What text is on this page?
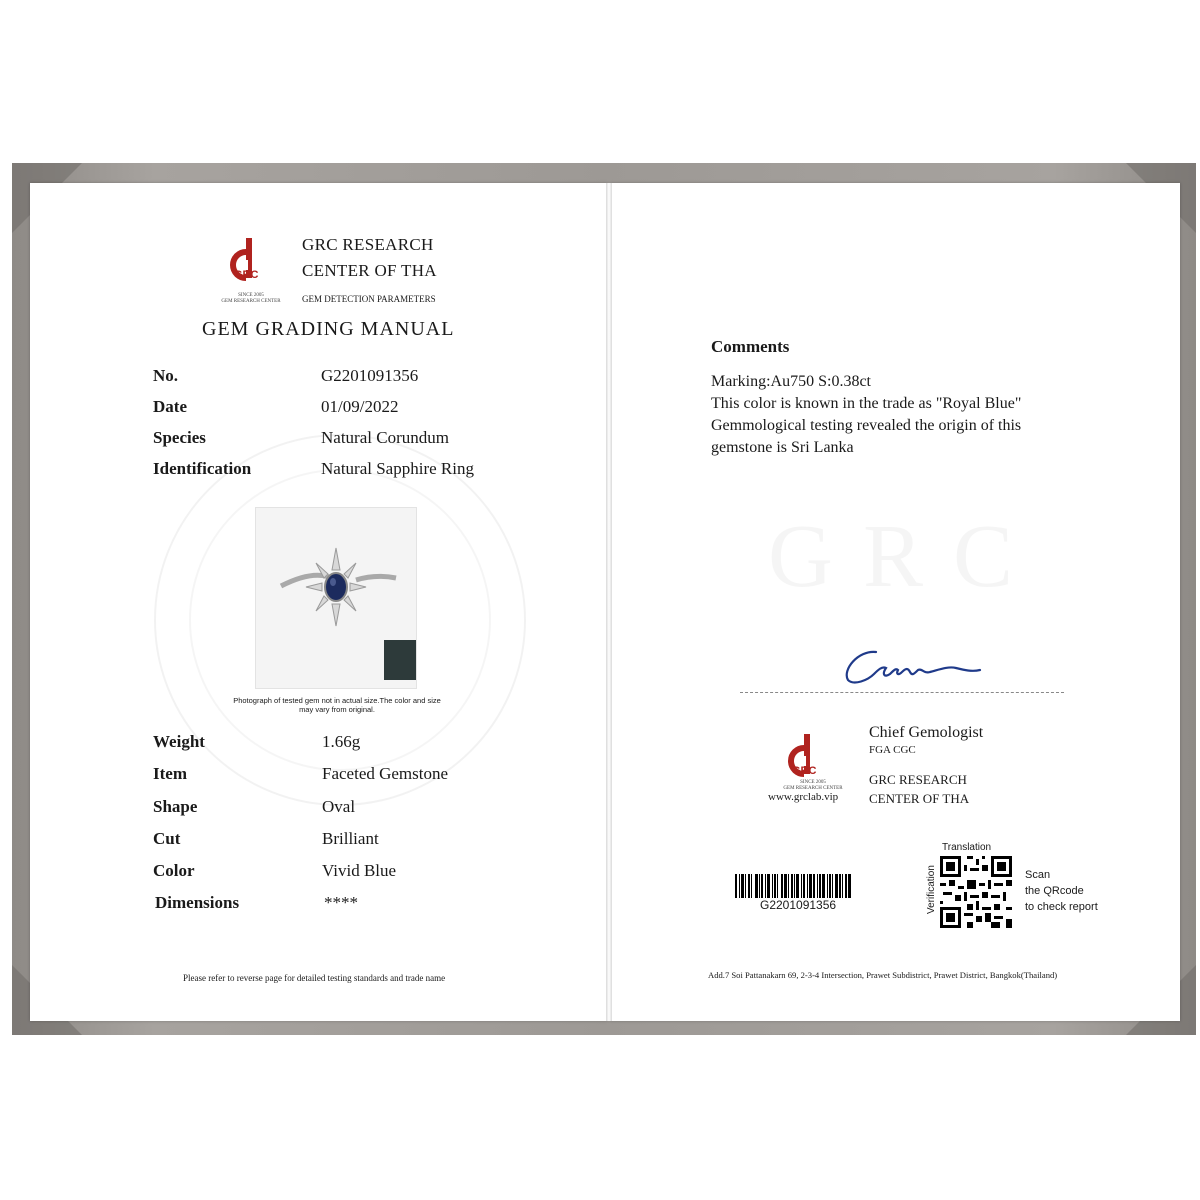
GRC
SINCE 2005
GEM RESEARCH CENTER
GRC RESEARCH
CENTER OF THA
GEM DETECTION PARAMETERS
GEM GRADING MANUAL
No.	G2201091356
Date	01/09/2022
Species	Natural Corundum
Identification	Natural Sapphire Ring
Photograph of tested gem not in actual size.The color and size may vary from original.
Weight	1.66g
Item	Faceted Gemstone
Shape	Oval
Cut	Brilliant
Color	Vivid Blue
Dimensions	****
Please refer to reverse page for detailed testing standards and trade name
Comments
Marking:Au750 S:0.38ct
This color is known in the trade as "Royal Blue"
Gemmological testing revealed the origin of this
gemstone is Sri Lanka
Canie
GRC
SINCE 2005
GEM RESEARCH CENTER
www.grclab.vip
Chief Gemologist
FGA CGC
GRC RESEARCH
CENTER OF THA
G2201091356
Translation
Verification	Scan
the QRcode
to check report
Add.7 Soi Pattanakarn 69, 2-3-4 Intersection, Prawet Subdistrict, Prawet District, Bangkok(Thailand)
